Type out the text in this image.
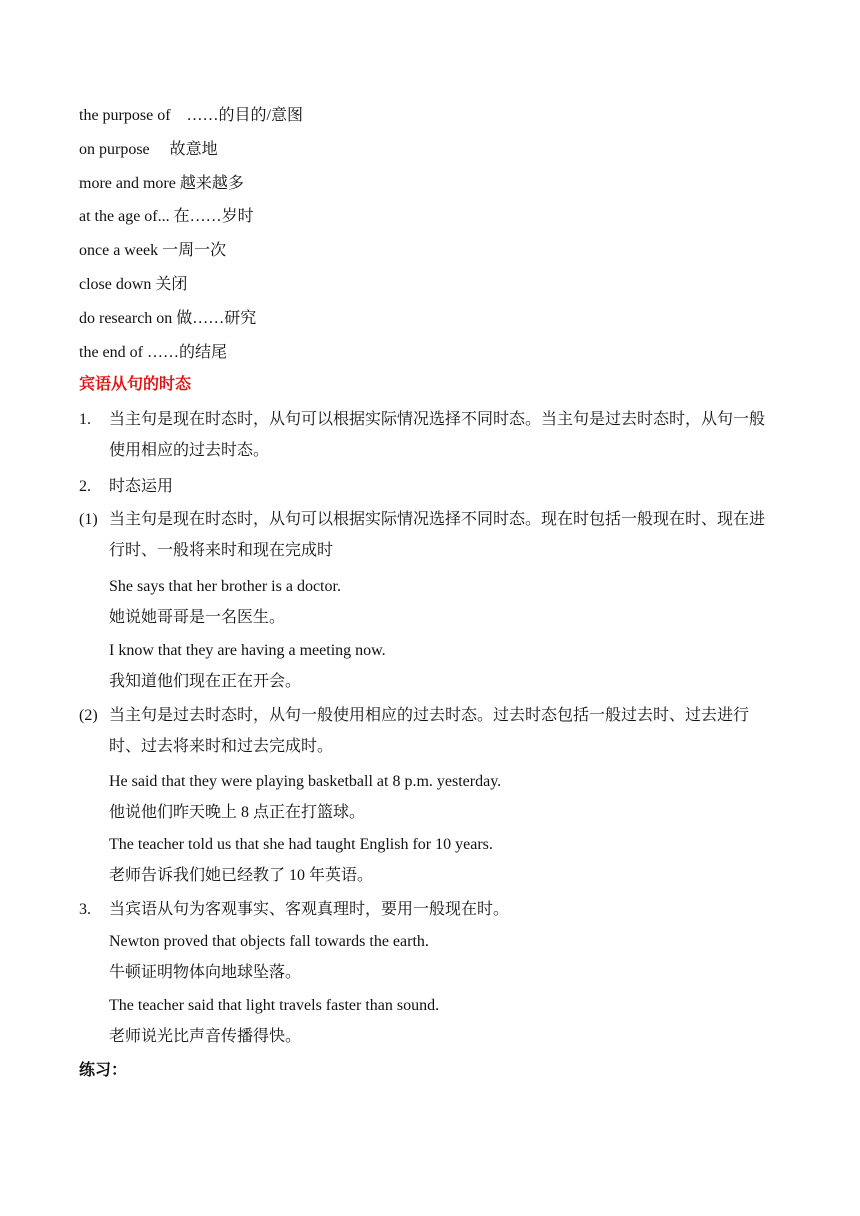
the purpose of    ……的目的/意图
on purpose     故意地
more and more 越来越多
at the age of... 在……岁时
once a week 一周一次
close down 关闭
do research on 做……研究
the end of ……的结尾
宾语从句的时态
1. 当主句是现在时态时，从句可以根据实际情况选择不同时态。当主句是过去时态时，从句一般使用相应的过去时态。
2. 时态运用
(1) 当主句是现在时态时，从句可以根据实际情况选择不同时态。现在时包括一般现在时、现在进行时、一般将来时和现在完成时
She says that her brother is a doctor.
她说她哥哥是一名医生。
I know that they are having a meeting now.
我知道他们现在正在开会。
(2) 当主句是过去时态时，从句一般使用相应的过去时态。过去时态包括一般过去时、过去进行时、过去将来时和过去完成时。
He said that they were playing basketball at 8 p.m. yesterday.
他说他们昨天晚上 8 点正在打篮球。
The teacher told us that she had taught English for 10 years.
老师告诉我们她已经教了 10 年英语。
3. 当宾语从句为客观事实、客观真理时，要用一般现在时。
Newton proved that objects fall towards the earth.
牛顿证明物体向地球坠落。
The teacher said that light travels faster than sound.
老师说光比声音传播得快。
练习：
